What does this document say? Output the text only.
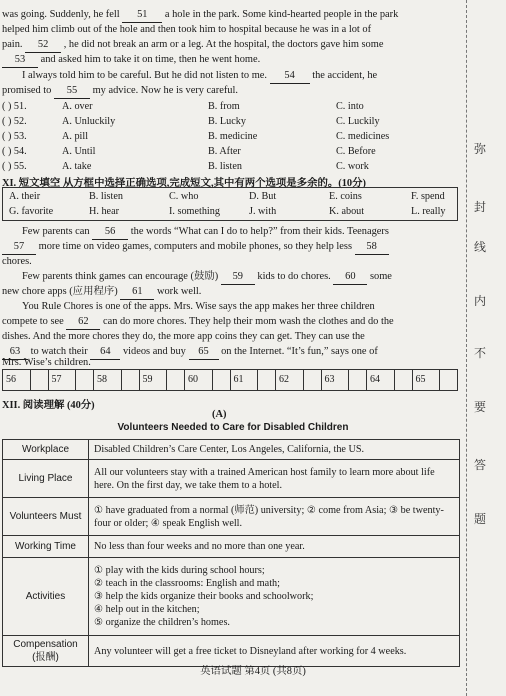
was going. Suddenly, he fell 51 a hole in the park. Some kind-hearted people in the park
helped him climb out of the hole and then took him to hospital because he was in a lot of
pain. 52 , he did not break an arm or a leg. At the hospital, the doctors gave him some
53 and asked him to take it on time, then he went home.
I always told him to be careful. But he did not listen to me. 54 the accident, he
promised to 55 my advice. Now he is very careful.
( ) 51.	A. over	B. from	C. into
( ) 52.	A. Unluckily	B. Lucky	C. Luckily
( ) 53.	A. pill	B. medicine	C. medicines
( ) 54.	A. Until	B. After	C. Before
( ) 55.	A. take	B. listen	C. work
XI. 短文填空 从方框中选择正确选项,完成短文,其中有两个选项是多余的。(10分)
A. their	B. listen	C. who	D. But	E. coins	F. spend
G. favorite	H. hear	I. something	J. with	K. about	L. really
Few parents can 56 the words “What can I do to help?” from their kids. Teenagers
57 more time on video games, computers and mobile phones, so they help less 58
chores.
Few parents think games can encourage (鼓励) 59 kids to do chores. 60 some
new chore apps (应用程序) 61 work well.
You Rule Chores is one of the apps. Mrs. Wise says the app makes her three children
compete to see 62 can do more chores. They help their mom wash the clothes and do the
dishes. And the more chores they do, the more app coins they can get. They can use the
63 to watch their 64 videos and buy 65 on the Internet. “It’s fun,” says one of
Mrs. Wise’s children.
56	57	58	59	60	61	62	63	64	65
XII. 阅读理解 (40分)
(A)
Volunteers Needed to Care for Disabled Children
Workplace	Disabled Children’s Care Center, Los Angeles, California, the US.
Living Place	All our volunteers stay with a trained American host family to learn more about life here. On the first day, we take them to a hotel.
Volunteers Must	① have graduated from a normal (师范) university; ② come from Asia; ③ be twenty-four or older; ④ speak English well.
Working Time	No less than four weeks and no more than one year.
Activities	① play with the kids during school hours;
② teach in the classrooms: English and math;
③ help the kids organize their books and schoolwork;
④ help out in the kitchen;
⑤ organize the children’s homes.
Compensation (报酬)	Any volunteer will get a free ticket to Disneyland after working for 4 weeks.
弥
封
线
内
不
要
答
题
英语试题 第4页 (共8页)
